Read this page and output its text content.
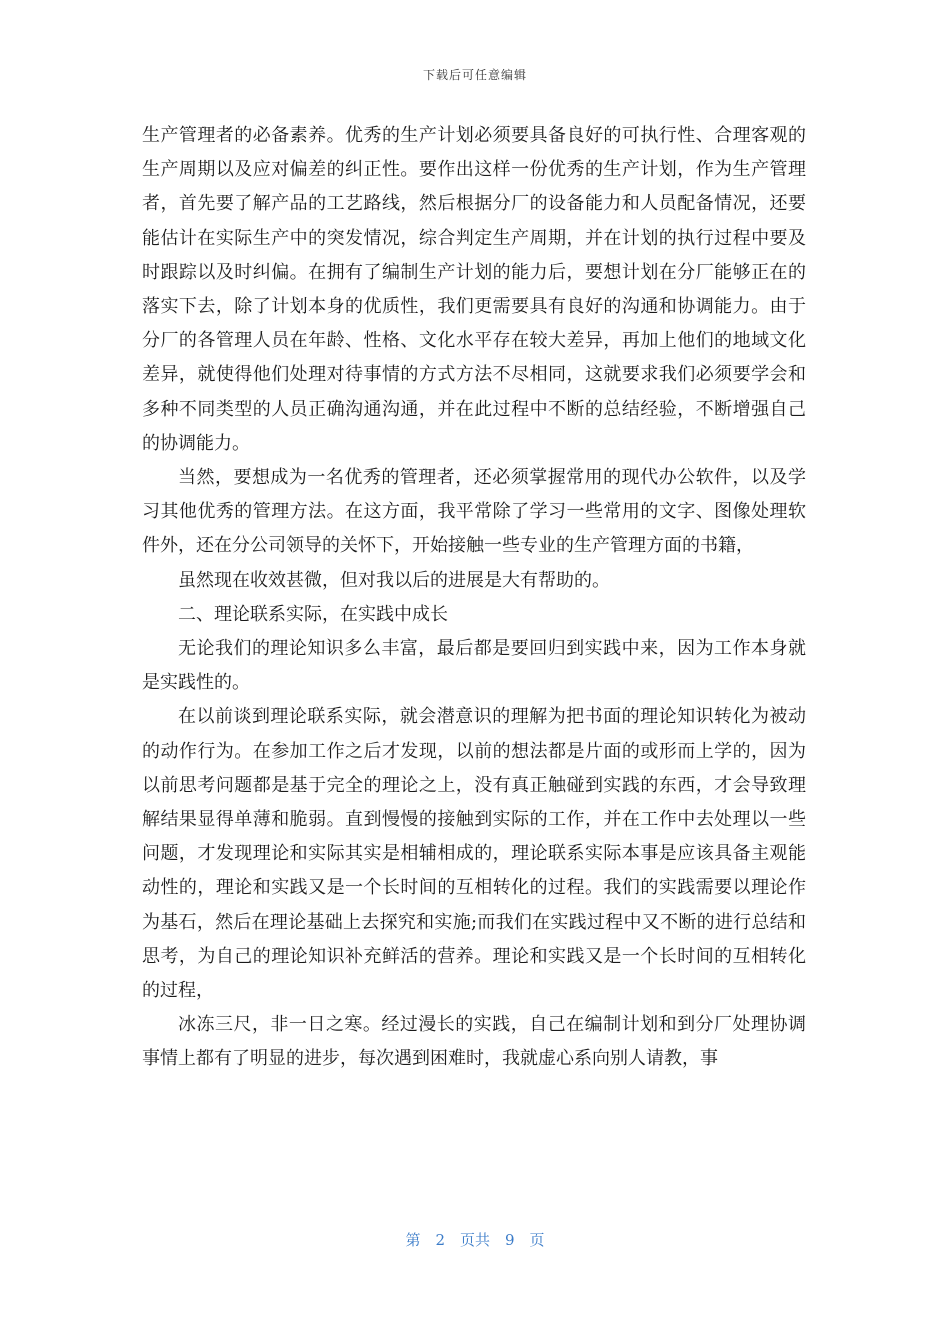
下载后可任意编辑

生产管理者的必备素养。优秀的生产计划必须要具备良好的可执行性、合理客观的生产周期以及应对偏差的纠正性。要作出这样一份优秀的生产计划，作为生产管理者，首先要了解产品的工艺路线，然后根据分厂的设备能力和人员配备情况，还要能估计在实际生产中的突发情况，综合判定生产周期，并在计划的执行过程中要及时跟踪以及时纠偏。在拥有了编制生产计划的能力后，要想计划在分厂能够正在的落实下去，除了计划本身的优质性，我们更需要具有良好的沟通和协调能力。由于分厂的各管理人员在年龄、性格、文化水平存在较大差异，再加上他们的地域文化差异，就使得他们处理对待事情的方式方法不尽相同，这就要求我们必须要学会和多种不同类型的人员正确沟通沟通，并在此过程中不断的总结经验，不断增强自己的协调能力。

当然，要想成为一名优秀的管理者，还必须掌握常用的现代办公软件，以及学习其他优秀的管理方法。在这方面，我平常除了学习一些常用的文字、图像处理软件外，还在分公司领导的关怀下，开始接触一些专业的生产管理方面的书籍，

虽然现在收效甚微，但对我以后的进展是大有帮助的。

二、理论联系实际，在实践中成长

无论我们的理论知识多么丰富，最后都是要回归到实践中来，因为工作本身就是实践性的。

在以前谈到理论联系实际，就会潜意识的理解为把书面的理论知识转化为被动的动作行为。在参加工作之后才发现，以前的想法都是片面的或形而上学的，因为以前思考问题都是基于完全的理论之上，没有真正触碰到实践的东西，才会导致理解结果显得单薄和脆弱。直到慢慢的接触到实际的工作，并在工作中去处理以一些问题，才发现理论和实际其实是相辅相成的，理论联系实际本事是应该具备主观能动性的，理论和实践又是一个长时间的互相转化的过程。我们的实践需要以理论作为基石，然后在理论基础上去探究和实施;而我们在实践过程中又不断的进行总结和思考，为自己的理论知识补充鲜活的营养。理论和实践又是一个长时间的互相转化的过程，

冰冻三尺，非一日之寒。经过漫长的实践，自己在编制计划和到分厂处理协调事情上都有了明显的进步，每次遇到困难时，我就虚心系向别人请教，事

第　2　页共　9　页
